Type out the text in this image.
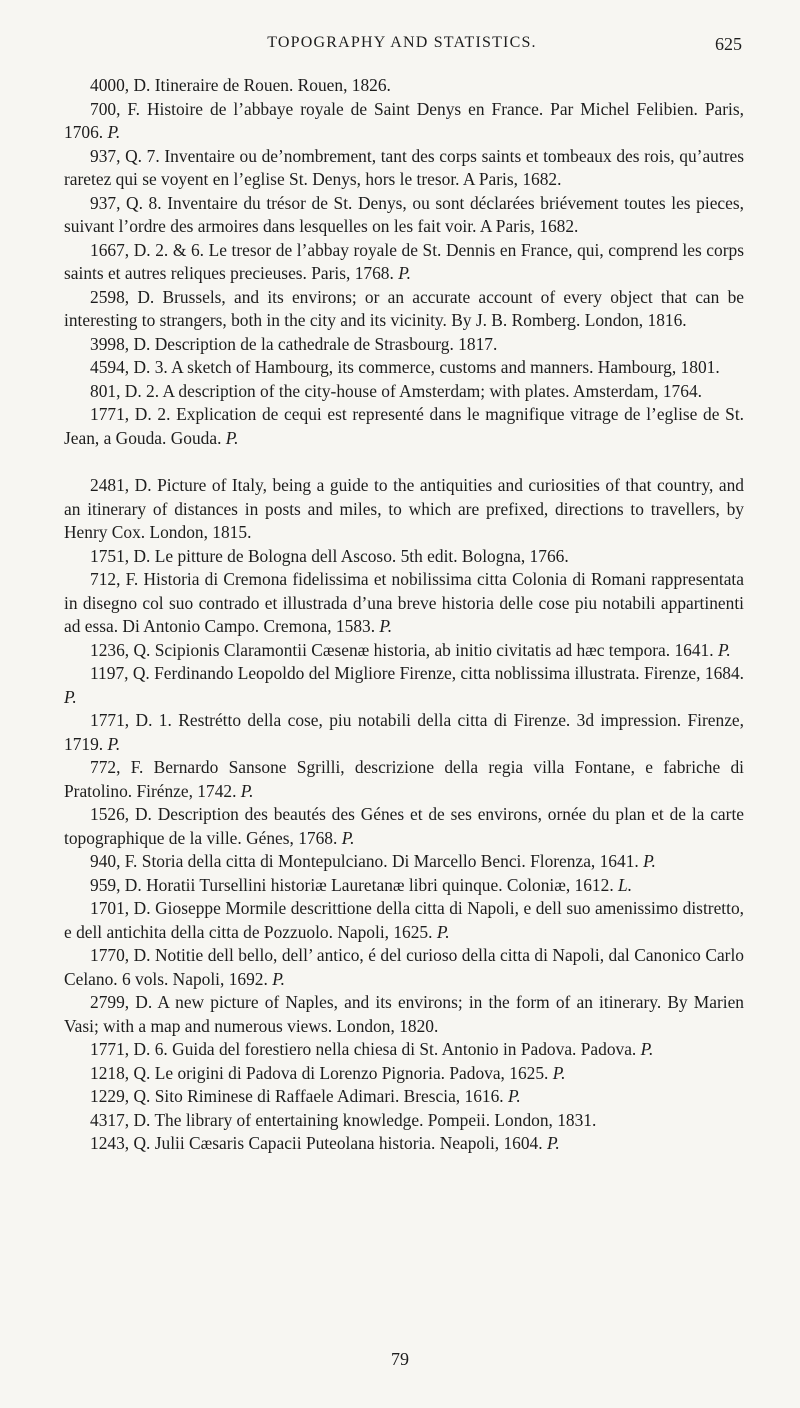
TOPOGRAPHY AND STATISTICS.	625

4000, D. Itineraire de Rouen. Rouen, 1826.

700, F. Histoire de l’abbaye royale de Saint Denys en France. Par Michel Felibien. Paris, 1706. P.

937, Q. 7. Inventaire ou de’nombrement, tant des corps saints et tombeaux des rois, qu’autres raretez qui se voyent en l’eglise St. Denys, hors le tresor. A Paris, 1682.

937, Q. 8. Inventaire du trésor de St. Denys, ou sont déclarées briévement toutes les pieces, suivant l’ordre des armoires dans lesquelles on les fait voir. A Paris, 1682.

1667, D. 2. & 6. Le tresor de l’abbay royale de St. Dennis en France, qui, comprend les corps saints et autres reliques precieuses. Paris, 1768. P.

2598, D. Brussels, and its environs; or an accurate account of every object that can be interesting to strangers, both in the city and its vicinity. By J. B. Romberg. London, 1816.

3998, D. Description de la cathedrale de Strasbourg. 1817.

4594, D. 3. A sketch of Hambourg, its commerce, customs and manners. Hambourg, 1801.

801, D. 2. A description of the city-house of Amsterdam; with plates. Amsterdam, 1764.

1771, D. 2. Explication de cequi est representé dans le magnifique vitrage de l’eglise de St. Jean, a Gouda. Gouda. P.

2481, D. Picture of Italy, being a guide to the antiquities and curiosities of that country, and an itinerary of distances in posts and miles, to which are prefixed, directions to travellers, by Henry Cox. London, 1815.

1751, D. Le pitture de Bologna dell Ascoso. 5th edit. Bologna, 1766.

712, F. Historia di Cremona fidelissima et nobilissima citta Colonia di Romani rappresentata in disegno col suo contrado et illustrada d’una breve historia delle cose piu notabili appartinenti ad essa. Di Antonio Campo. Cremona, 1583. P.

1236, Q. Scipionis Claramontii Cæsenæ historia, ab initio civitatis ad hæc tempora. 1641. P.

1197, Q. Ferdinando Leopoldo del Migliore Firenze, citta noblissima illustrata. Firenze, 1684. P.

1771, D. 1. Restrétto della cose, piu notabili della citta di Firenze. 3d impression. Firenze, 1719. P.

772, F. Bernardo Sansone Sgrilli, descrizione della regia villa Fontane, e fabriche di Pratolino. Firénze, 1742. P.

1526, D. Description des beautés des Génes et de ses environs, ornée du plan et de la carte topographique de la ville. Génes, 1768. P.

940, F. Storia della citta di Montepulciano. Di Marcello Benci. Florenza, 1641. P.

959, D. Horatii Tursellini historiæ Lauretanæ libri quinque. Coloniæ, 1612. L.

1701, D. Gioseppe Mormile descrittione della citta di Napoli, e dell suo amenissimo distretto, e dell antichita della citta de Pozzuolo. Napoli, 1625. P.

1770, D. Notitie dell bello, dell’ antico, é del curioso della citta di Napoli, dal Canonico Carlo Celano. 6 vols. Napoli, 1692. P.

2799, D. A new picture of Naples, and its environs; in the form of an itinerary. By Marien Vasi; with a map and numerous views. London, 1820.

1771, D. 6. Guida del forestiero nella chiesa di St. Antonio in Padova. Padova. P.

1218, Q. Le origini di Padova di Lorenzo Pignoria. Padova, 1625. P.

1229, Q. Sito Riminese di Raffaele Adimari. Brescia, 1616. P.

4317, D. The library of entertaining knowledge. Pompeii. London, 1831.

1243, Q. Julii Cæsaris Capacii Puteolana historia. Neapoli, 1604. P.

79
